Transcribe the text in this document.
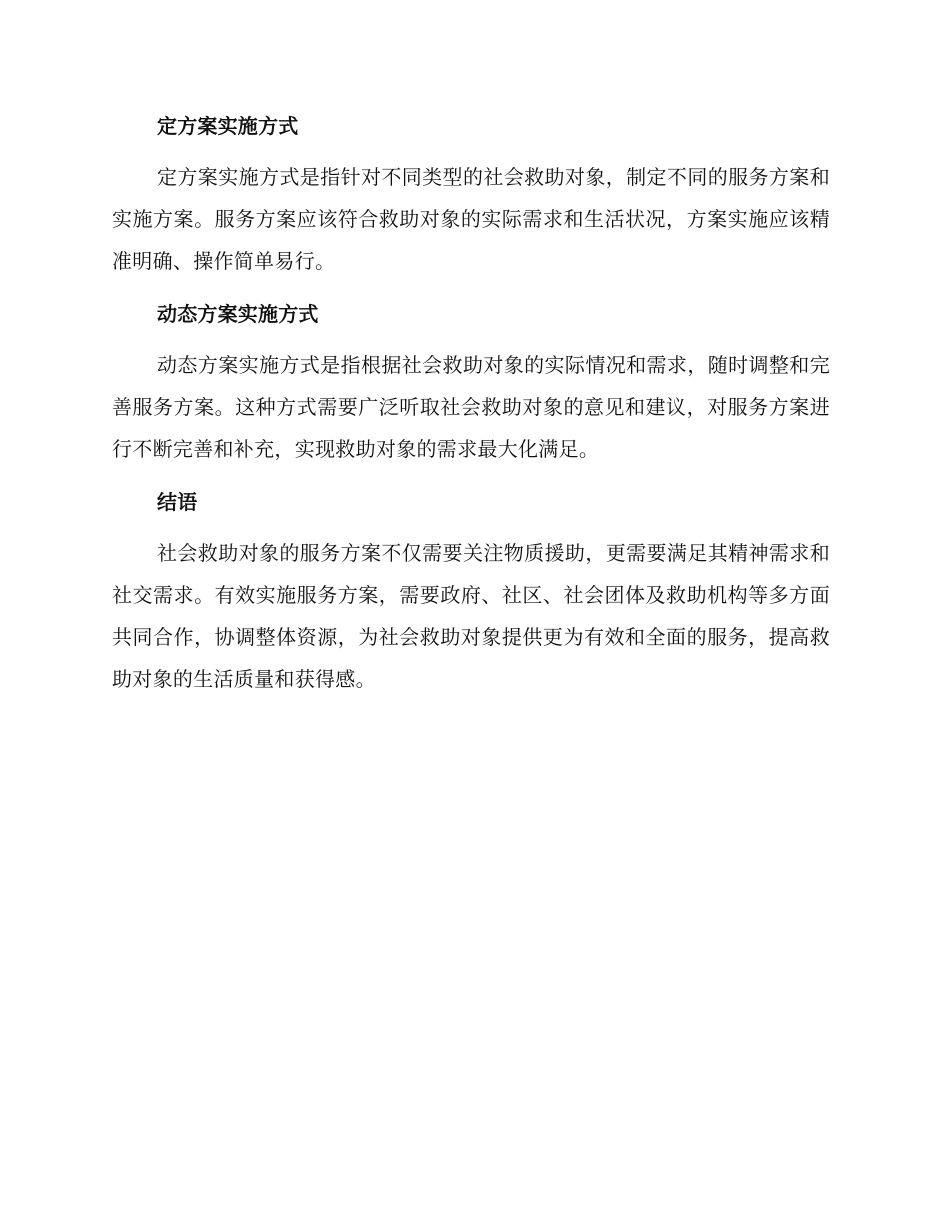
定方案实施方式

定方案实施方式是指针对不同类型的社会救助对象，制定不同的服务方案和实施方案。服务方案应该符合救助对象的实际需求和生活状况，方案实施应该精准明确、操作简单易行。

动态方案实施方式

动态方案实施方式是指根据社会救助对象的实际情况和需求，随时调整和完善服务方案。这种方式需要广泛听取社会救助对象的意见和建议，对服务方案进行不断完善和补充，实现救助对象的需求最大化满足。

结语

社会救助对象的服务方案不仅需要关注物质援助，更需要满足其精神需求和社交需求。有效实施服务方案，需要政府、社区、社会团体及救助机构等多方面共同合作，协调整体资源，为社会救助对象提供更为有效和全面的服务，提高救助对象的生活质量和获得感。
